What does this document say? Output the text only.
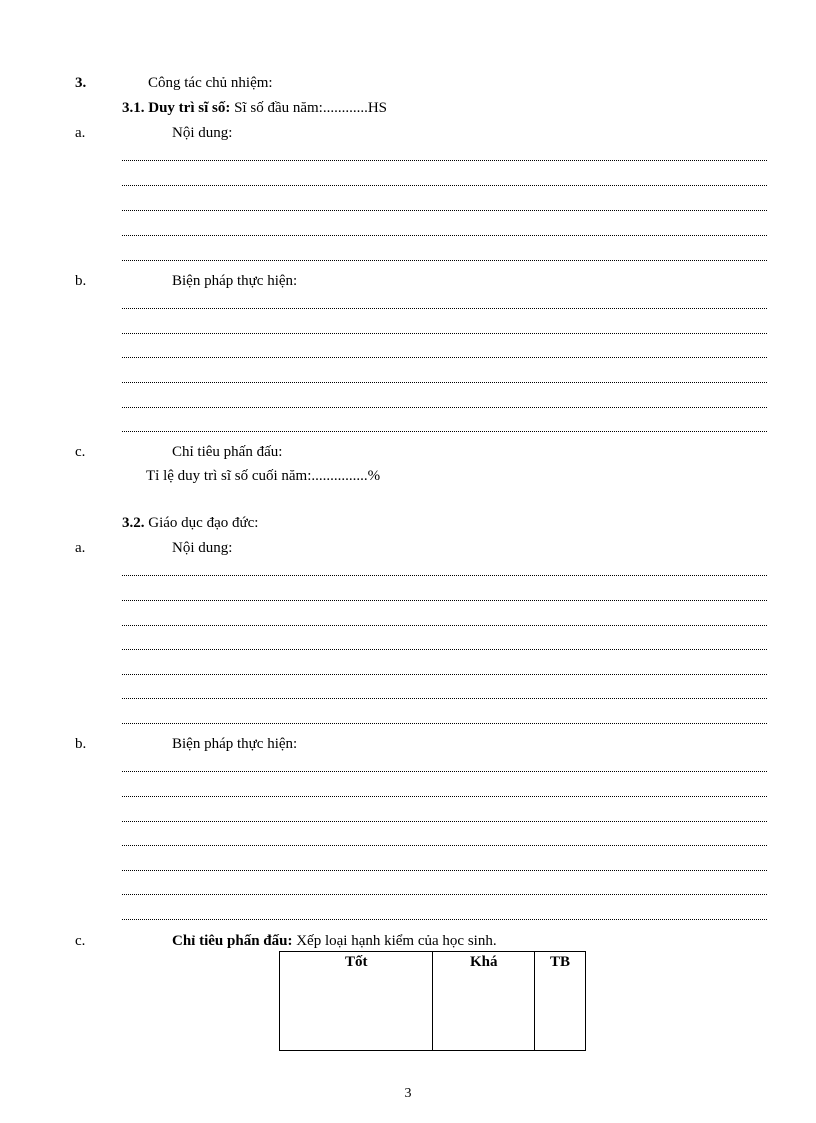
3.	Công tác chủ nhiệm:
3.1. Duy trì sĩ số: Sĩ số đầu năm:............HS
a.	Nội dung:
b.	Biện pháp thực hiện:
c.	Chỉ tiêu phấn đấu:
Tỉ lệ duy trì sĩ số cuối năm:...............%
3.2. Giáo dục đạo đức:
a.	Nội dung:
b.	Biện pháp thực hiện:
c.	Chỉ tiêu phấn đấu: Xếp loại hạnh kiểm của học sinh.
Tốt	Khá	TB
3
